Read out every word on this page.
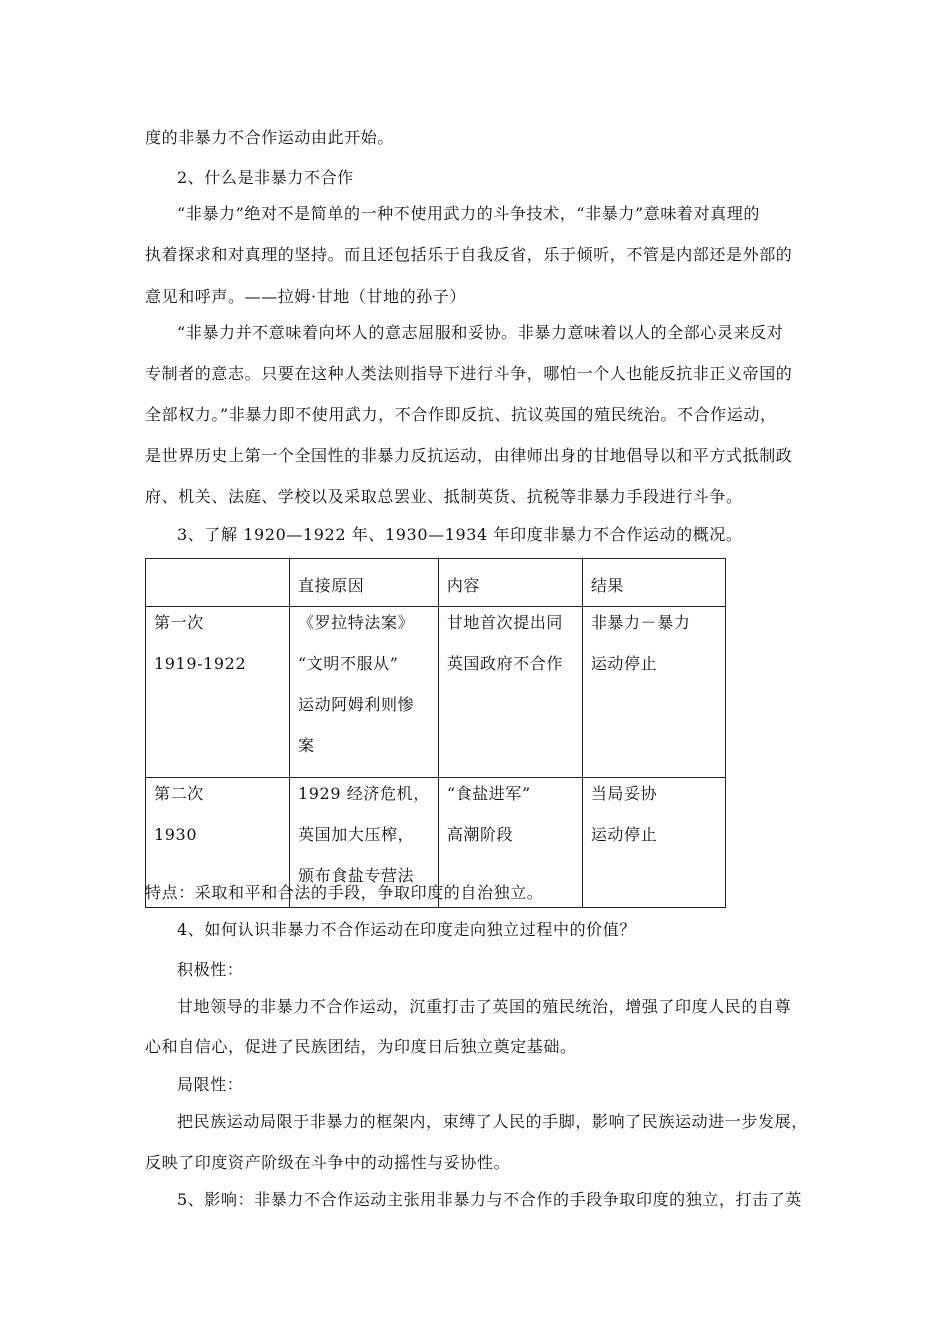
度的非暴力不合作运动由此开始。
2、什么是非暴力不合作
“非暴力”绝对不是简单的一种不使用武力的斗争技术，“非暴力”意味着对真理的
执着探求和对真理的坚持。而且还包括乐于自我反省，乐于倾听，不管是内部还是外部的
意见和呼声。——拉姆·甘地（甘地的孙子）
“非暴力并不意味着向坏人的意志屈服和妥协。非暴力意味着以人的全部心灵来反对
专制者的意志。只要在这种人类法则指导下进行斗争，哪怕一个人也能反抗非正义帝国的
全部权力。”非暴力即不使用武力，不合作即反抗、抗议英国的殖民统治。不合作运动，
是世界历史上第一个全国性的非暴力反抗运动，由律师出身的甘地倡导以和平方式抵制政
府、机关、法庭、学校以及采取总罢业、抵制英货、抗税等非暴力手段进行斗争。
3、了解 1920—1922 年、1930—1934 年印度非暴力不合作运动的概况。
	直接原因	内容	结果

第一次
1919-1922	《罗拉特法案》
“文明不服从”
运动阿姆利则惨
案	甘地首次提出同
英国政府不合作	非暴力－暴力
运动停止

第二次
1930	1929 经济危机，
英国加大压榨，
颁布食盐专营法	“食盐进军”
高潮阶段	当局妥协
运动停止
特点：采取和平和合法的手段，争取印度的自治独立。
4、如何认识非暴力不合作运动在印度走向独立过程中的价值？
积极性：
甘地领导的非暴力不合作运动，沉重打击了英国的殖民统治，增强了印度人民的自尊
心和自信心，促进了民族团结，为印度日后独立奠定基础。
局限性：
把民族运动局限于非暴力的框架内，束缚了人民的手脚，影响了民族运动进一步发展，
反映了印度资产阶级在斗争中的动摇性与妥协性。
5、影响：非暴力不合作运动主张用非暴力与不合作的手段争取印度的独立，打击了英
